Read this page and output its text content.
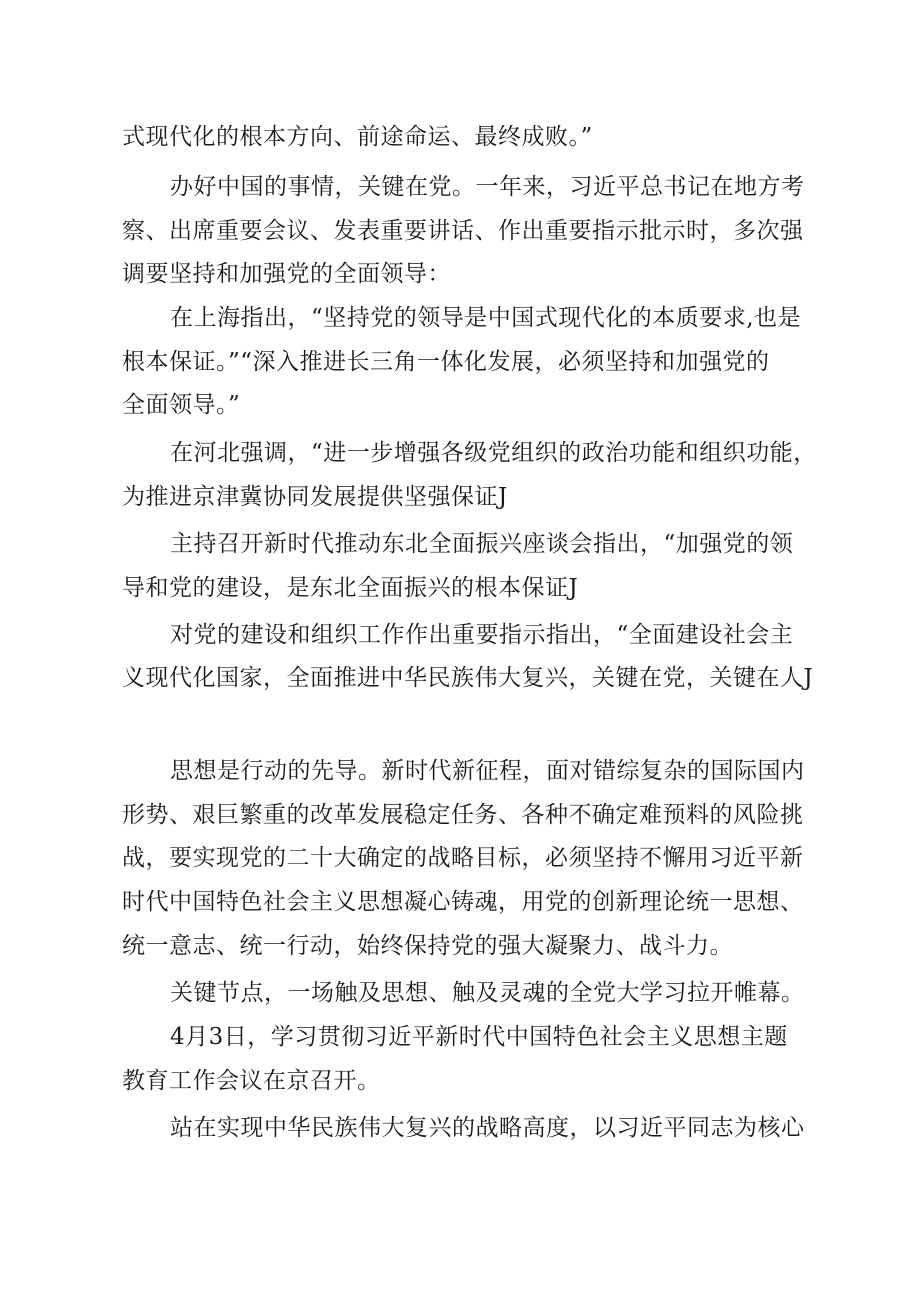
式现代化的根本方向、前途命运、最终成败。”
办好中国的事情，关键在党。一年来，习近平总书记在地方考
察、出席重要会议、发表重要讲话、作出重要指示批示时，多次强
调要坚持和加强党的全面领导：
在上海指出，“坚持党的领导是中国式现代化的本质要求,也是
根本保证。”“深入推进长三角一体化发展，必须坚持和加强党的
全面领导。”
在河北强调，“进一步增强各级党组织的政治功能和组织功能，
为推进京津冀协同发展提供坚强保证J
主持召开新时代推动东北全面振兴座谈会指出，“加强党的领
导和党的建设，是东北全面振兴的根本保证J
对党的建设和组织工作作出重要指示指出，“全面建设社会主
义现代化国家，全面推进中华民族伟大复兴，关键在党，关键在人J
思想是行动的先导。新时代新征程，面对错综复杂的国际国内
形势、艰巨繁重的改革发展稳定任务、各种不确定难预料的风险挑
战，要实现党的二十大确定的战略目标，必须坚持不懈用习近平新
时代中国特色社会主义思想凝心铸魂，用党的创新理论统一思想、
统一意志、统一行动，始终保持党的强大凝聚力、战斗力。
关键节点，一场触及思想、触及灵魂的全党大学习拉开帷幕。
4月3日，学习贯彻习近平新时代中国特色社会主义思想主题
教育工作会议在京召开。
站在实现中华民族伟大复兴的战略高度，以习近平同志为核心
